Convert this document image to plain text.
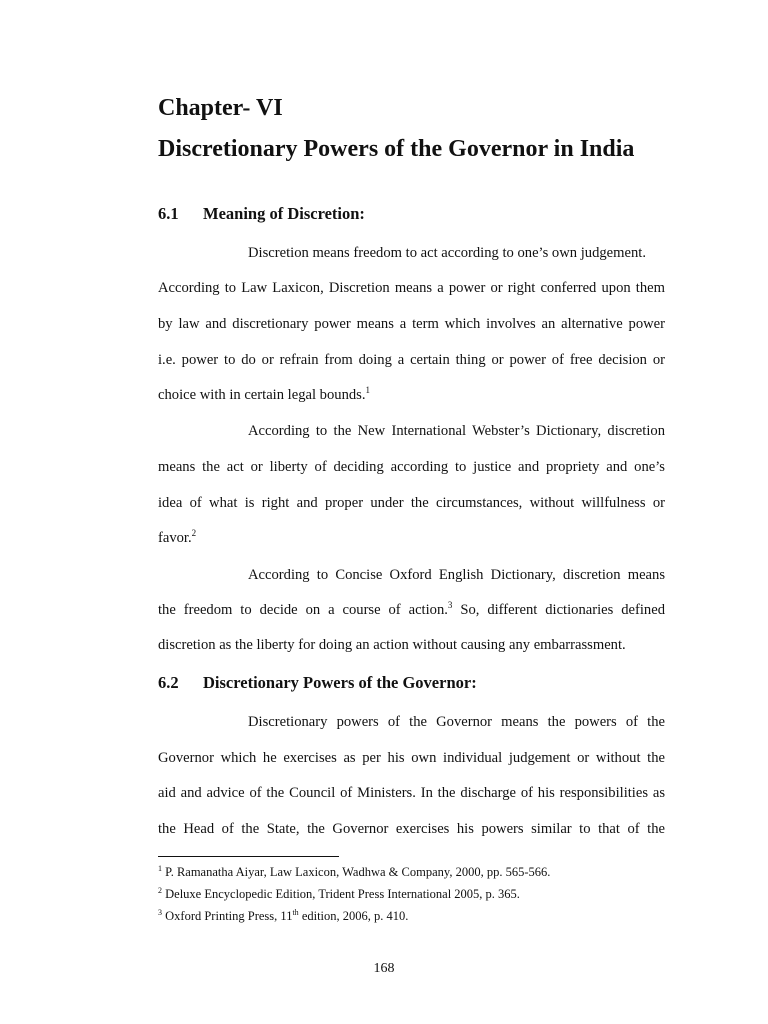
Chapter- VI
Discretionary Powers of the Governor in India
6.1 Meaning of Discretion:
Discretion means freedom to act according to one’s own judgement.
According to Law Laxicon, Discretion means a power or right conferred upon them
by law and discretionary power means a term which involves an alternative power
i.e. power to do or refrain from doing a certain thing or power of free decision or
choice with in certain legal bounds.$^1$
According to the New International Webster’s Dictionary, discretion
means the act or liberty of deciding according to justice and propriety and one’s
idea of what is right and proper under the circumstances, without willfulness or
favor.$^2$
According to Concise Oxford English Dictionary, discretion means
the freedom to decide on a course of action.$^3$ So, different dictionaries defined
discretion as the liberty for doing an action without causing any embarrassment.
6.2 Discretionary Powers of the Governor:
Discretionary powers of the Governor means the powers of the
Governor which he exercises as per his own individual judgement or without the
aid and advice of the Council of Ministers. In the discharge of his responsibilities as
the Head of the State, the Governor exercises his powers similar to that of the
$^1$ P. Ramanatha Aiyar, Law Laxicon, Wadhwa & Company, 2000, pp. 565-566.
$^2$ Deluxe Encyclopedic Edition, Trident Press International 2005, p. 365.
$^3$ Oxford Printing Press, 11th edition, 2006, p. 410.
168
